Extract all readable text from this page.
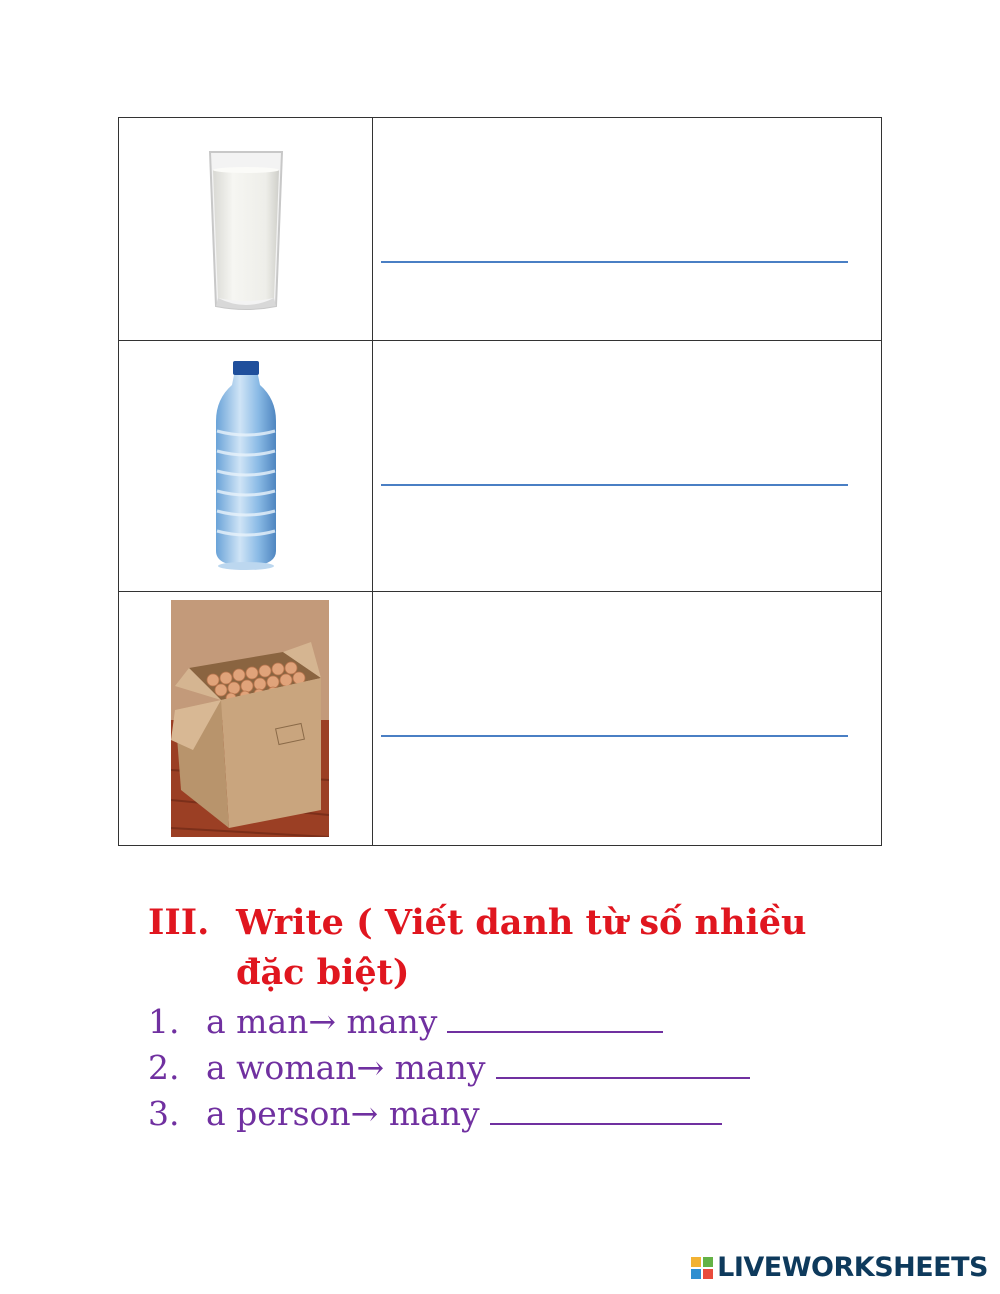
III. Write ( Viết danh từ số nhiều đặc biệt)
1. a man→ many
2. a woman→ many
3. a person→ many
LIVEWORKSHEETS
